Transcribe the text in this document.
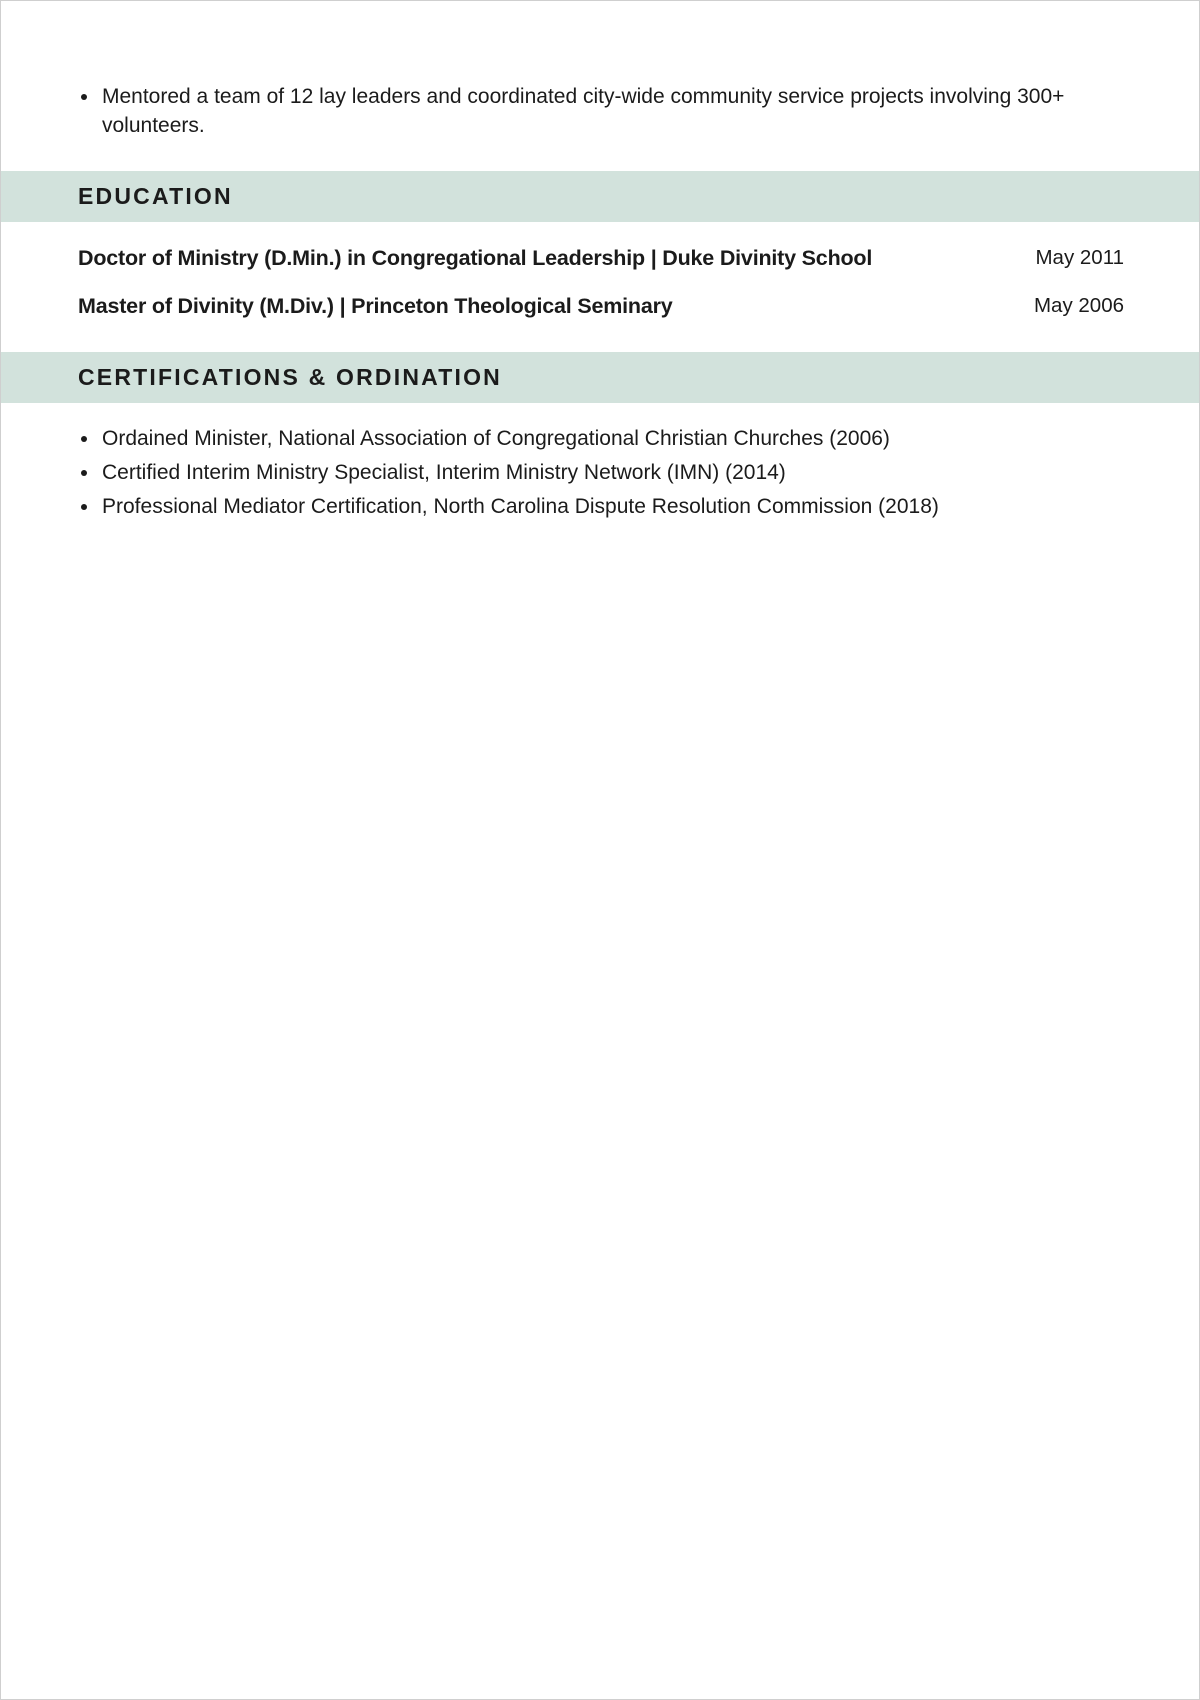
Mentored a team of 12 lay leaders and coordinated city-wide community service projects involving 300+ volunteers.
EDUCATION
Doctor of Ministry (D.Min.) in Congregational Leadership | Duke Divinity School	May 2011
Master of Divinity (M.Div.) | Princeton Theological Seminary	May 2006
CERTIFICATIONS & ORDINATION
Ordained Minister, National Association of Congregational Christian Churches (2006)
Certified Interim Ministry Specialist, Interim Ministry Network (IMN) (2014)
Professional Mediator Certification, North Carolina Dispute Resolution Commission (2018)
